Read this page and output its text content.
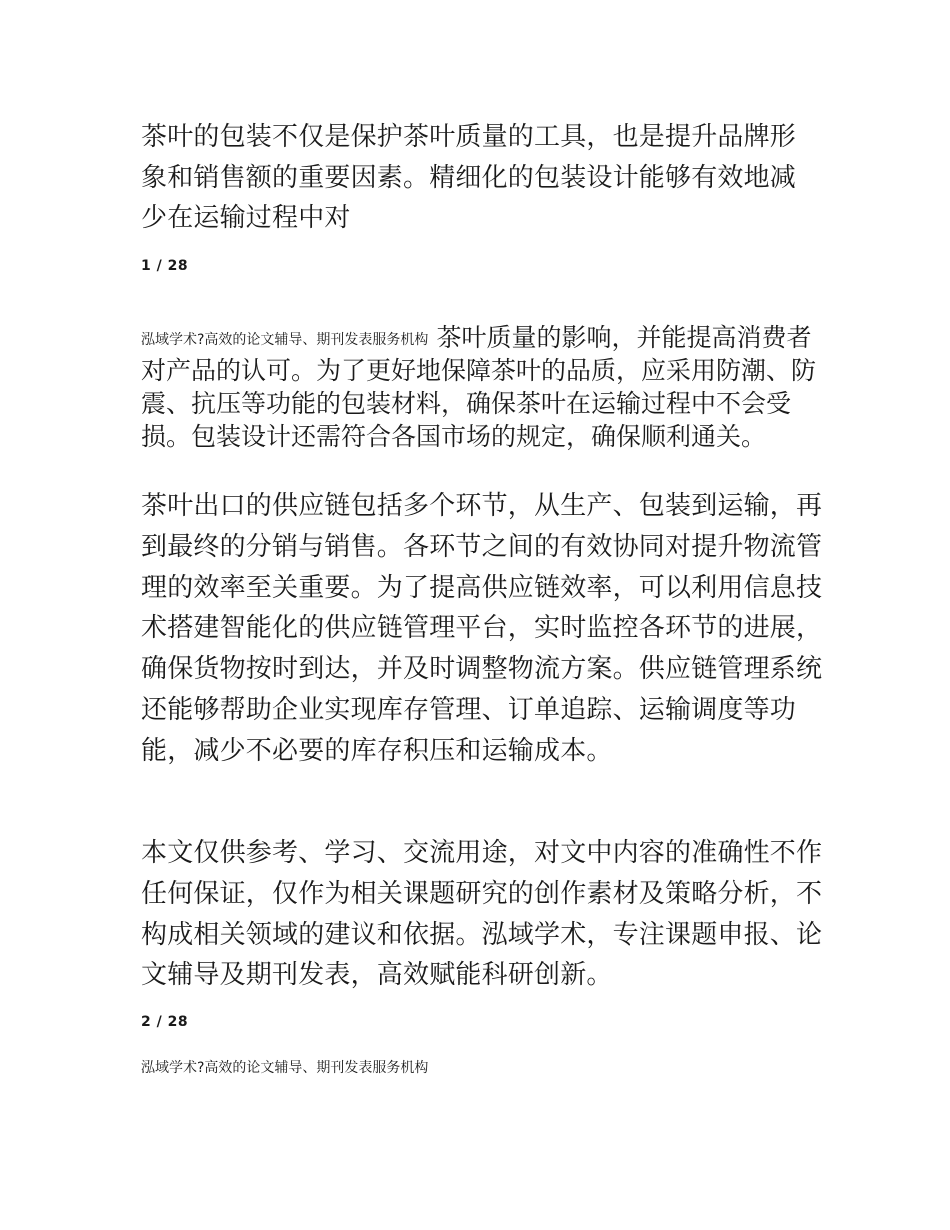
茶叶的包装不仅是保护茶叶质量的工具，也是提升品牌形象和销售额的重要因素。精细化的包装设计能够有效地减少在运输过程中对

1 / 28

泓域学术?高效的论文辅导、期刊发表服务机构 茶叶质量的影响，并能提高消费者对产品的认可。为了更好地保障茶叶的品质，应采用防潮、防震、抗压等功能的包装材料，确保茶叶在运输过程中不会受损。包装设计还需符合各国市场的规定，确保顺利通关。

茶叶出口的供应链包括多个环节，从生产、包装到运输，再到最终的分销与销售。各环节之间的有效协同对提升物流管理的效率至关重要。为了提高供应链效率，可以利用信息技术搭建智能化的供应链管理平台，实时监控各环节的进展，确保货物按时到达，并及时调整物流方案。供应链管理系统还能够帮助企业实现库存管理、订单追踪、运输调度等功能，减少不必要的库存积压和运输成本。

本文仅供参考、学习、交流用途，对文中内容的准确性不作任何保证，仅作为相关课题研究的创作素材及策略分析，不构成相关领域的建议和依据。泓域学术，专注课题申报、论文辅导及期刊发表，高效赋能科研创新。

2 / 28
泓域学术?高效的论文辅导、期刊发表服务机构
